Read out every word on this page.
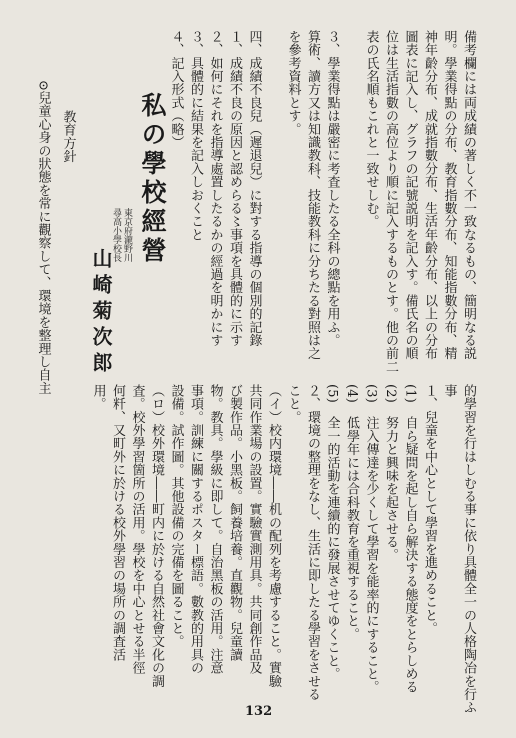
備考欄には両成績の著しく不一致なるもの、簡明なる説
明。學業得點の分布、教育指數分布、知能指數分布、精
神年齡分布、成就指數分布、生活年齡分布、以上の分布
圖表に記入し、グラフの記號説明を記入す。備氏名の順
位は生活指數の高位より順に記入するものとす。他の前二
表の氏名順もこれと一致せしむ。

３、學業得點は嚴密に考査したる全科の總點を用ふ。
算術、讀方又は知識教科、技能教科に分ちたる對照は之
を參考資料とす。

四、成績不良兒（遲退兒）に對する指導の個別的記錄
１、成績不良の原因と認めらる〻事項を具體的に示す
２、如何にそれを指導處置したるかの經過を明かにす
３、具體的に結果を記入しおくこと
４、記入形式（略）
私の學校經營
東京府瀧野川
尋高小學校長
山崎菊次郎
教育方針
⊙兒童心身の狀態を常に觀察して、環境を整理し自主
的學習を行はしむる事に依り具體全一の人格陶冶を行ふ
事
１、兒童を中心として學習を進めること。
(1)　自ら疑問を起し自ら解決する態度をとらしめる
(2)　努力と興味を起させる。
(3)　注入傳達を少くして學習を能率的にすること。
(4)　低學年には合科教育を重視すること。
(5)　全一的活動を連續的に發展させてゆくこと。
２、環境の整理をなし、生活に即したる學習をさせる
こと。
（イ）校内環境――机の配列を考慮すること。實驗
共同作業場の設置。實驗實測用具。共同創作品及
び製作品。小黑板。飼養培養。直觀物。兒童讀
物。教具。學級に即して。自治黑板の活用。注意
事項。訓練に關するポスター標語。數教的用具の
設備。試作圖。其他設備の完備を圖ること。
（ロ）校外環境――町内に於ける自然社會文化の調
査。校外學習箇所の活用。學校を中心とせる半徑
何粁、又町外に於ける校外學習の場所の調査活
用。
132
